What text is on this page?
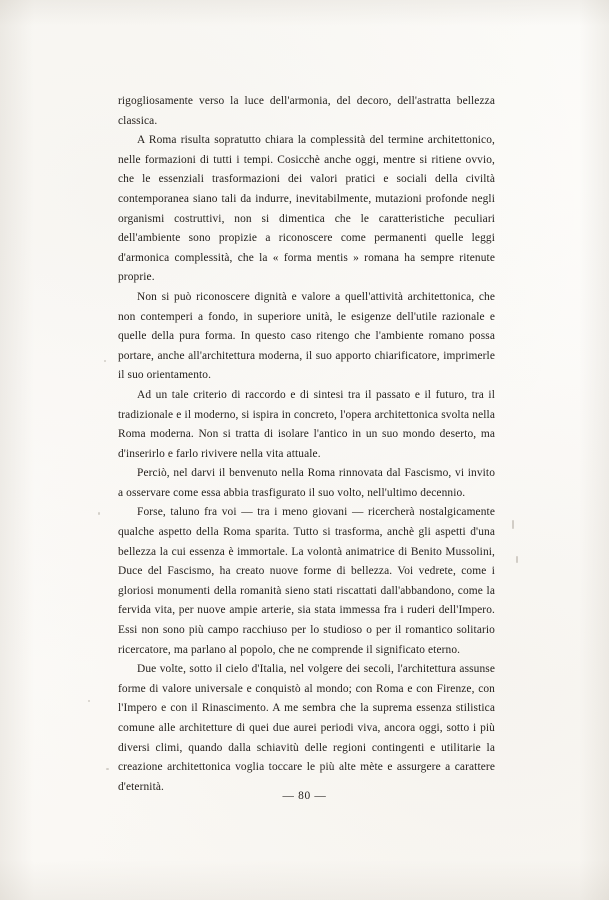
rigogliosamente verso la luce dell'armonia, del decoro, dell'astratta bellezza classica.

A Roma risulta sopratutto chiara la complessità del termine architettonico, nelle formazioni di tutti i tempi. Cosicchè anche oggi, mentre si ritiene ovvio, che le essenziali trasformazioni dei valori pratici e sociali della civiltà contemporanea siano tali da indurre, inevitabilmente, mutazioni profonde negli organismi costruttivi, non si dimentica che le caratteristiche peculiari dell'ambiente sono propizie a riconoscere come permanenti quelle leggi d'armonica complessità, che la « forma mentis » romana ha sempre ritenute proprie.

Non si può riconoscere dignità e valore a quell'attività architettonica, che non contemperi a fondo, in superiore unità, le esigenze dell'utile razionale e quelle della pura forma. In questo caso ritengo che l'ambiente romano possa portare, anche all'architettura moderna, il suo apporto chiarificatore, imprimerle il suo orientamento.

Ad un tale criterio di raccordo e di sintesi tra il passato e il futuro, tra il tradizionale e il moderno, si ispira in concreto, l'opera architettonica svolta nella Roma moderna. Non si tratta di isolare l'antico in un suo mondo deserto, ma d'inserirlo e farlo rivivere nella vita attuale.

Perciò, nel darvi il benvenuto nella Roma rinnovata dal Fascismo, vi invito a osservare come essa abbia trasfigurato il suo volto, nell'ultimo decennio.

Forse, taluno fra voi — tra i meno giovani — ricercherà nostalgicamente qualche aspetto della Roma sparita. Tutto si trasforma, anchè gli aspetti d'una bellezza la cui essenza è immortale. La volontà animatrice di Benito Mussolini, Duce del Fascismo, ha creato nuove forme di bellezza. Voi vedrete, come i gloriosi monumenti della romanità sieno stati riscattati dall'abbandono, come la fervida vita, per nuove ampie arterie, sia stata immessa fra i ruderi dell'Impero. Essi non sono più campo racchiuso per lo studioso o per il romantico solitario ricercatore, ma parlano al popolo, che ne comprende il significato eterno.

Due volte, sotto il cielo d'Italia, nel volgere dei secoli, l'architettura assunse forme di valore universale e conquistò al mondo; con Roma e con Firenze, con l'Impero e con il Rinascimento. A me sembra che la suprema essenza stilistica comune alle architetture di quei due aurei periodi viva, ancora oggi, sotto i più diversi climi, quando dalla schiavitù delle regioni contingenti e utilitarie la creazione architettonica voglia toccare le più alte mète e assurgere a carattere d'eternità.

— 80 —
